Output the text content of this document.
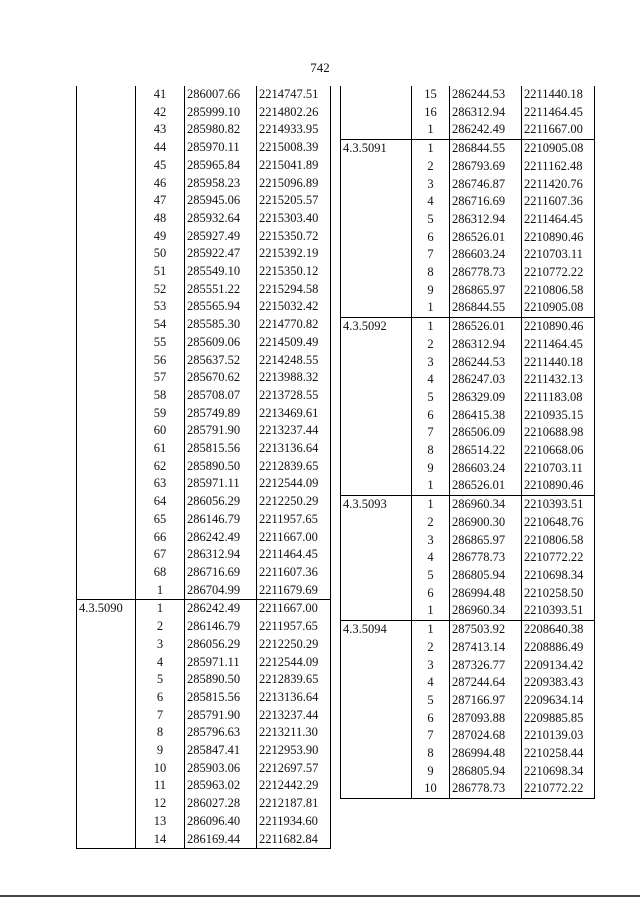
742
	41	286007.66	2214747.51
	42	285999.10	2214802.26
	43	285980.82	2214933.95
	44	285970.11	2215008.39
	45	285965.84	2215041.89
	46	285958.23	2215096.89
	47	285945.06	2215205.57
	48	285932.64	2215303.40
	49	285927.49	2215350.72
	50	285922.47	2215392.19
	51	285549.10	2215350.12
	52	285551.22	2215294.58
	53	285565.94	2215032.42
	54	285585.30	2214770.82
	55	285609.06	2214509.49
	56	285637.52	2214248.55
	57	285670.62	2213988.32
	58	285708.07	2213728.55
	59	285749.89	2213469.61
	60	285791.90	2213237.44
	61	285815.56	2213136.64
	62	285890.50	2212839.65
	63	285971.11	2212544.09
	64	286056.29	2212250.29
	65	286146.79	2211957.65
	66	286242.49	2211667.00
	67	286312.94	2211464.45
	68	286716.69	2211607.36
	1	286704.99	2211679.69
4.3.5090	1	286242.49	2211667.00
	2	286146.79	2211957.65
	3	286056.29	2212250.29
	4	285971.11	2212544.09
	5	285890.50	2212839.65
	6	285815.56	2213136.64
	7	285791.90	2213237.44
	8	285796.63	2213211.30
	9	285847.41	2212953.90
	10	285903.06	2212697.57
	11	285963.02	2212442.29
	12	286027.28	2212187.81
	13	286096.40	2211934.60
	14	286169.44	2211682.84
	15	286244.53	2211440.18
	16	286312.94	2211464.45
	1	286242.49	2211667.00
4.3.5091	1	286844.55	2210905.08
	2	286793.69	2211162.48
	3	286746.87	2211420.76
	4	286716.69	2211607.36
	5	286312.94	2211464.45
	6	286526.01	2210890.46
	7	286603.24	2210703.11
	8	286778.73	2210772.22
	9	286865.97	2210806.58
	1	286844.55	2210905.08
4.3.5092	1	286526.01	2210890.46
	2	286312.94	2211464.45
	3	286244.53	2211440.18
	4	286247.03	2211432.13
	5	286329.09	2211183.08
	6	286415.38	2210935.15
	7	286506.09	2210688.98
	8	286514.22	2210668.06
	9	286603.24	2210703.11
	1	286526.01	2210890.46
4.3.5093	1	286960.34	2210393.51
	2	286900.30	2210648.76
	3	286865.97	2210806.58
	4	286778.73	2210772.22
	5	286805.94	2210698.34
	6	286994.48	2210258.50
	1	286960.34	2210393.51
4.3.5094	1	287503.92	2208640.38
	2	287413.14	2208886.49
	3	287326.77	2209134.42
	4	287244.64	2209383.43
	5	287166.97	2209634.14
	6	287093.88	2209885.85
	7	287024.68	2210139.03
	8	286994.48	2210258.44
	9	286805.94	2210698.34
	10	286778.73	2210772.22
